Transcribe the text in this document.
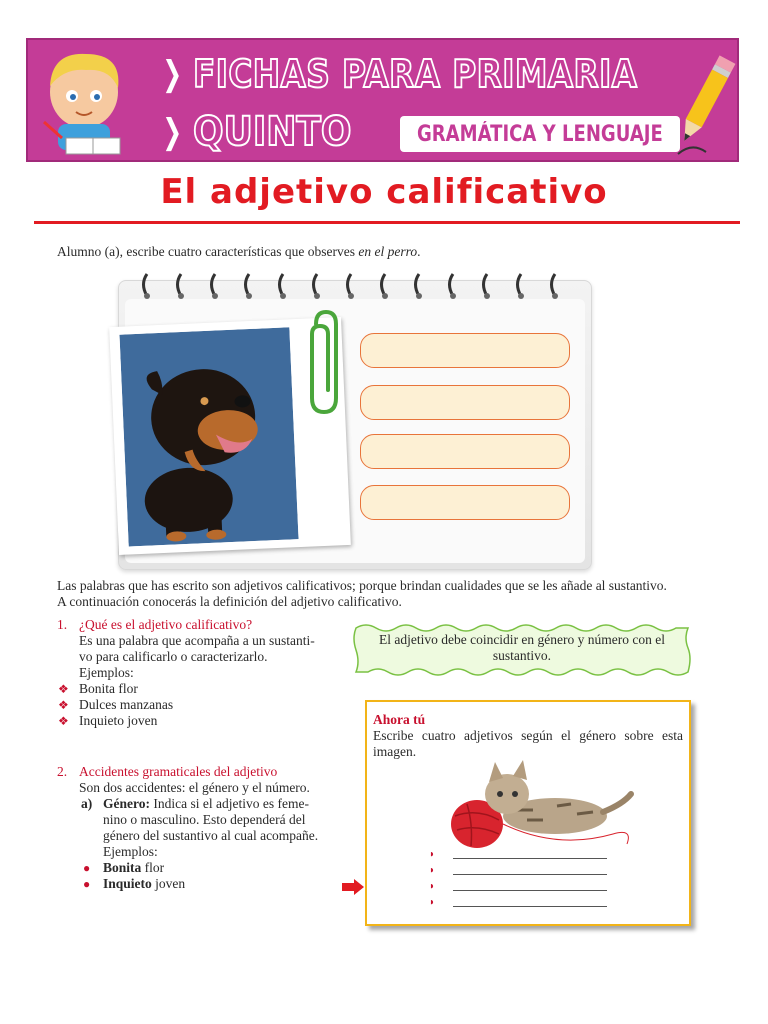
❯ FICHAS PARA PRIMARIA
❯ QUINTO	GRAMÁTICA Y LENGUAJE
El adjetivo calificativo
Alumno (a), escribe cuatro características que observes en el perro.
Las palabras que has escrito son adjetivos calificativos; porque brindan cualidades que se les añade al sustantivo.
A continuación conocerás la definición del adjetivo calificativo.
1. ¿Qué es el adjetivo calificativo?
Es una palabra que acompaña a un sustanti-
vo para calificarlo o caracterizarlo.
Ejemplos:
❖ Bonita flor
❖ Dulces manzanas
❖ Inquieto joven
2. Accidentes gramaticales del adjetivo
Son dos accidentes: el género y el número.
a) Género: Indica si el adjetivo es feme-
nino o masculino. Esto dependerá del
género del sustantivo al cual acompañe.
Ejemplos:
● Bonita flor
● Inquieto joven
El adjetivo debe coincidir en género y número con el sustantivo.
Ahora tú
Escribe cuatro adjetivos según el género sobre esta imagen.
◗
◗
◗
◗
